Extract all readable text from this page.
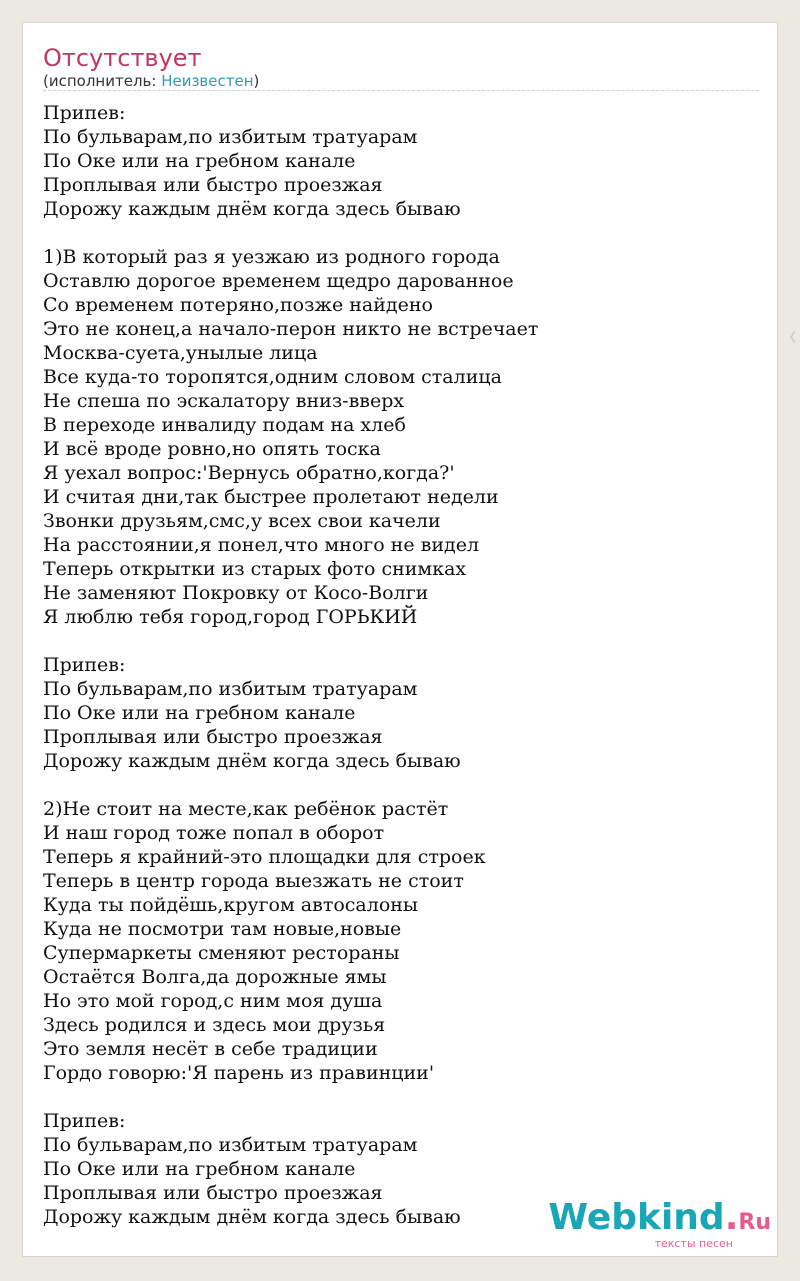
Отсутствует
(исполнитель: Неизвестен)
Припев:
По бульварам,по избитым тратуарам
По Оке или на гребном канале
Проплывая или быстро проезжая
Дорожу каждым днём когда здесь бываю
1)В который раз я уезжаю из родного города
Оставлю дорогое временем щедро дарованное
Со временем потеряно,позже найдено
Это не конец,а начало-перон никто не встречает
Москва-суета,унылые лица
Все куда-то торопятся,одним словом сталица
Не спеша по эскалатору вниз-вверх
В переходе инвалиду подам на хлеб
И всё вроде ровно,но опять тоска
Я уехал вопрос:'Вернусь обратно,когда?'
И считая дни,так быстрее пролетают недели
Звонки друзьям,смс,у всех свои качели
На расстоянии,я понел,что много не видел
Теперь открытки из старых фото снимках
Не заменяют Покровку от Косо-Волги
Я люблю тебя город,город ГОРЬКИЙ
Припев:
По бульварам,по избитым тратуарам
По Оке или на гребном канале
Проплывая или быстро проезжая
Дорожу каждым днём когда здесь бываю
2)Не стоит на месте,как ребёнок растёт
И наш город тоже попал в оборот
Теперь я крайний-это площадки для строек
Теперь в центр города выезжать не стоит
Куда ты пойдёшь,кругом автосалоны
Куда не посмотри там новые,новые
Супермаркеты сменяют рестораны
Остаётся Волга,да дорожные ямы
Но это мой город,с ним моя душа
Здесь родился и здесь мои друзья
Это земля несёт в себе традиции
Гордо говорю:'Я парень из правинции'
Припев:
По бульварам,по избитым тратуарам
По Оке или на гребном канале
Проплывая или быстро проезжая
Дорожу каждым днём когда здесь бываю	Webkind.Ru
тексты песен
